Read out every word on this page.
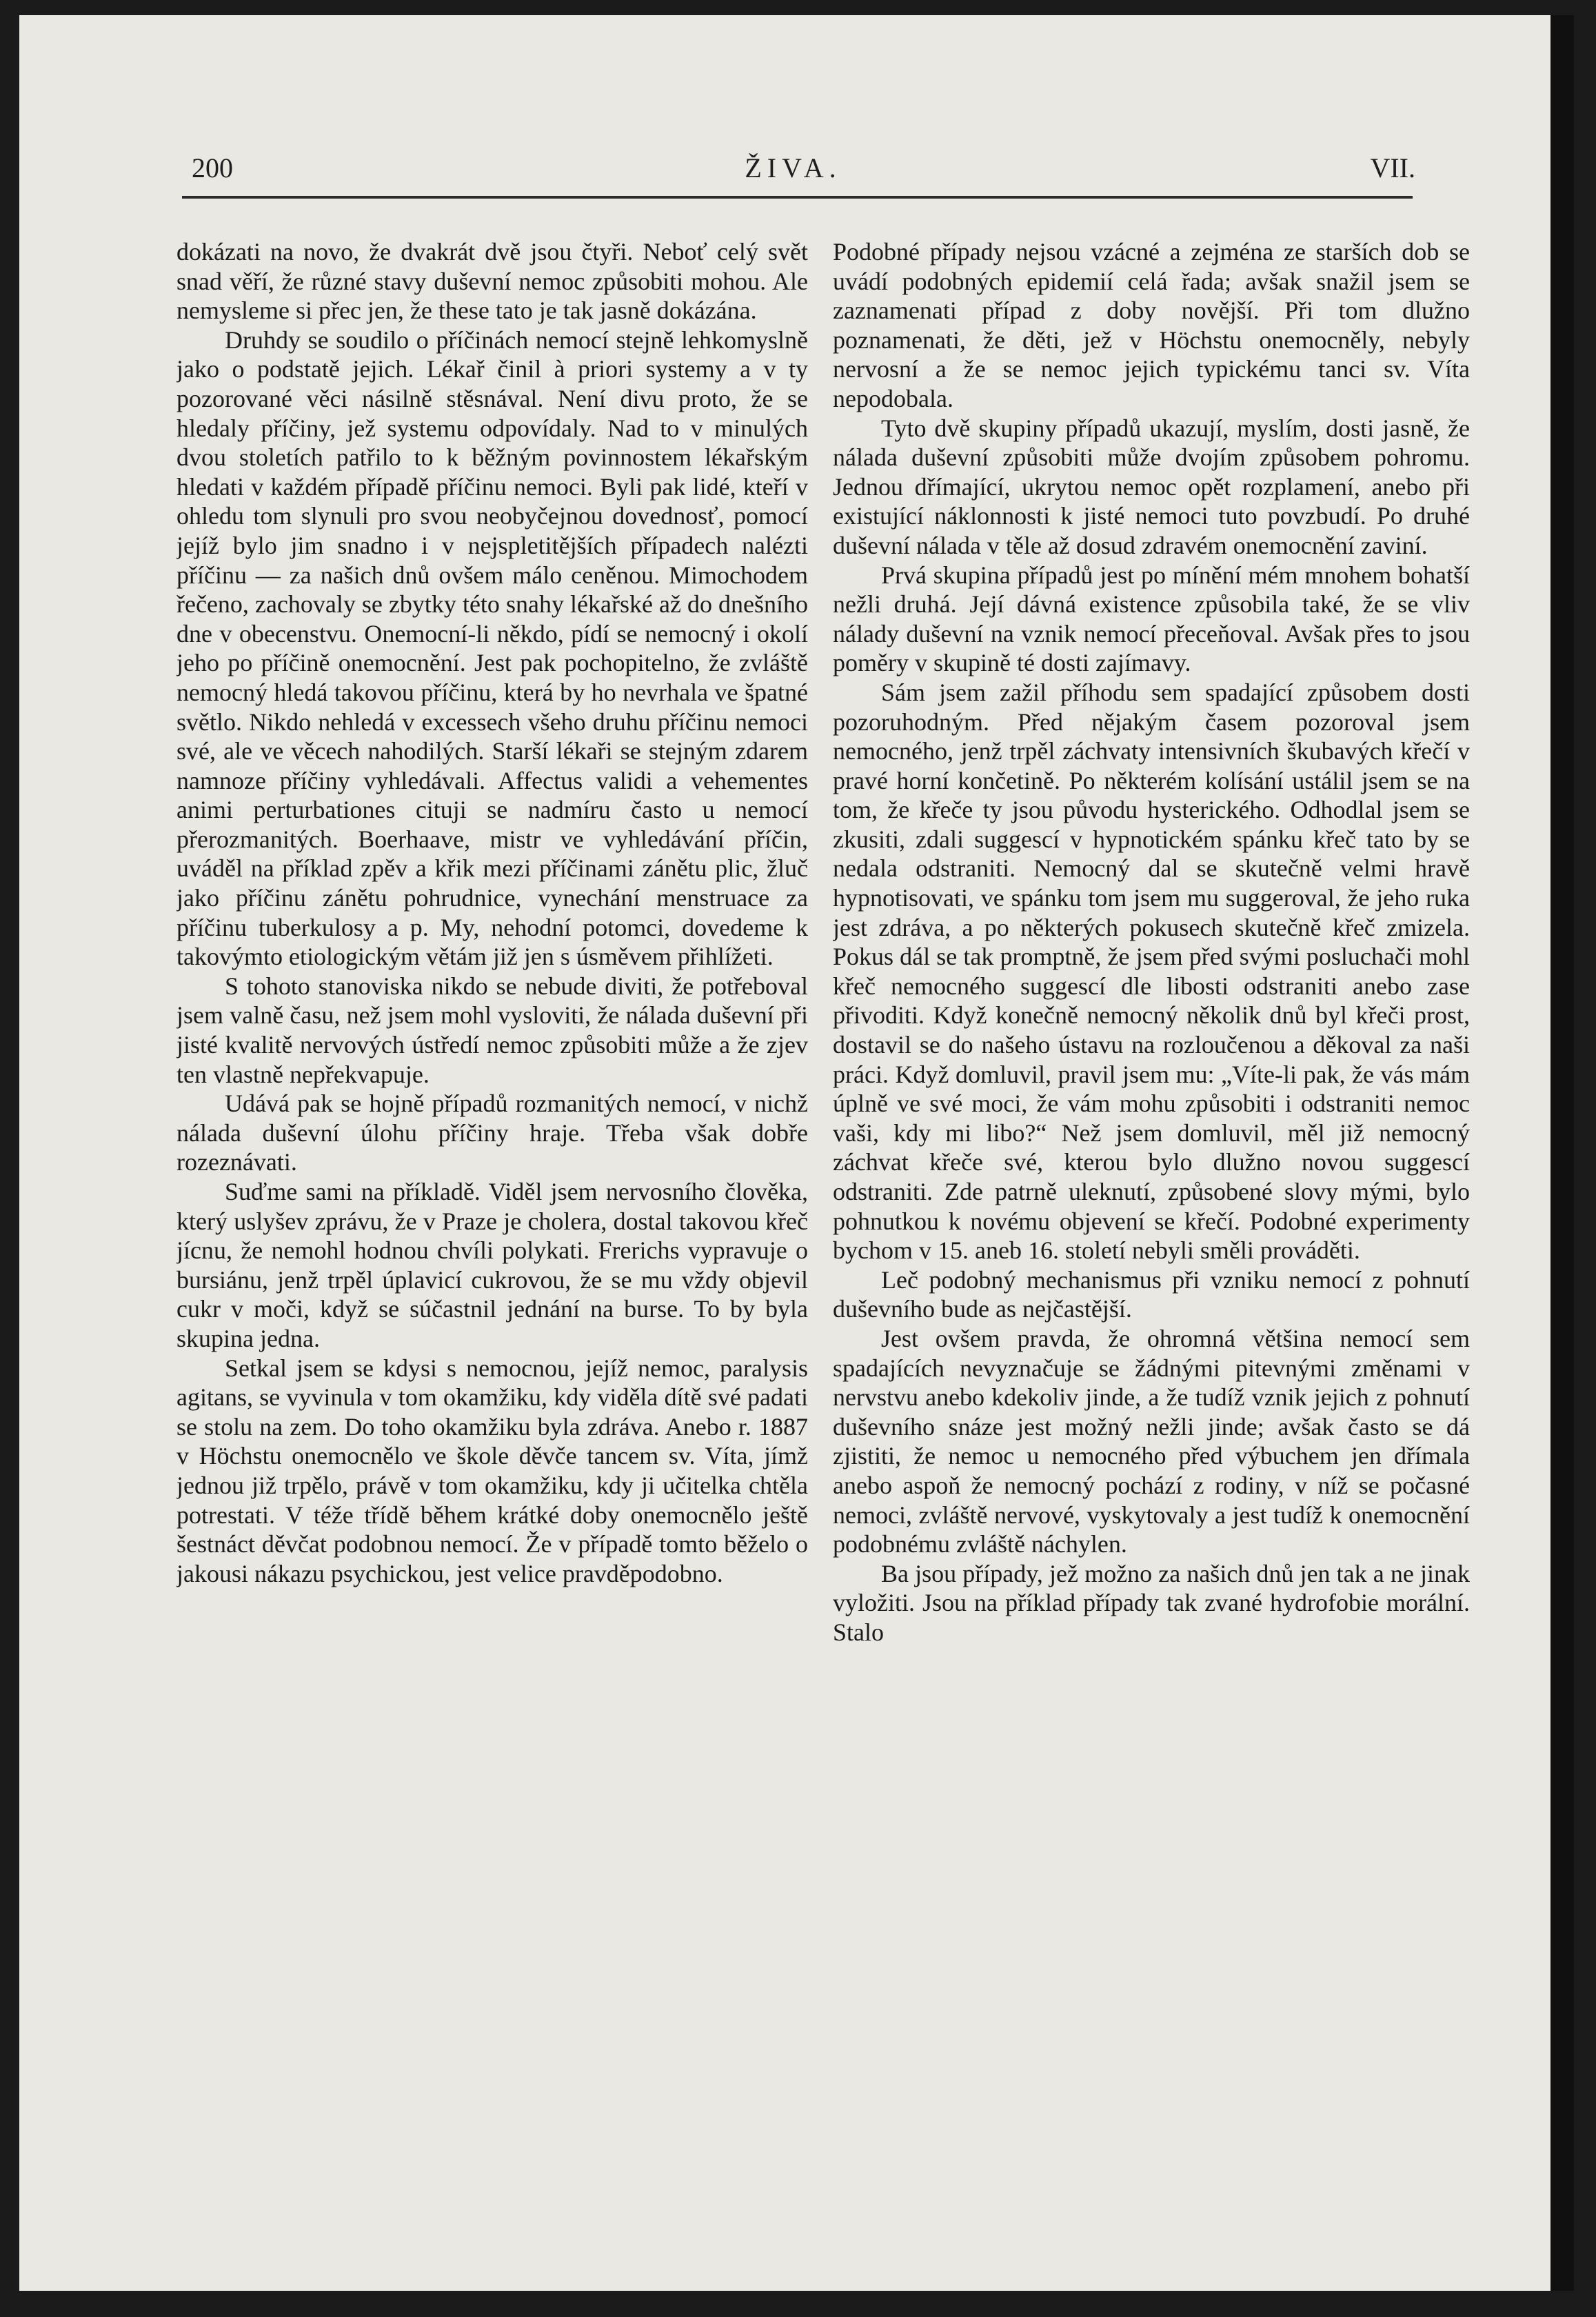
200	ŽIVA.	VII.

dokázati na novo, že dvakrát dvě jsou čtyři. Neboť celý svět snad věří, že různé stavy duševní nemoc způsobiti mohou. Ale nemysleme si přec jen, že these tato je tak jasně dokázána.

Druhdy se soudilo o příčinách nemocí stejně lehkomyslně jako o podstatě jejich. Lékař činil à priori systemy a v ty pozorované věci násilně stěsnával. Není divu proto, že se hledaly příčiny, jež systemu odpovídaly. Nad to v minulých dvou stoletích patřilo to k běžným povinnostem lékařským hledati v každém případě příčinu nemoci. Byli pak lidé, kteří v ohledu tom slynuli pro svou neobyčejnou dovednosť, pomocí jejíž bylo jim snadno i v nejspletitějších případech nalézti příčinu — za našich dnů ovšem málo ceněnou. Mimochodem řečeno, zachovaly se zbytky této snahy lékařské až do dnešního dne v obecenstvu. Onemocní-li někdo, pídí se nemocný i okolí jeho po příčině onemocnění. Jest pak pochopitelno, že zvláště nemocný hledá takovou příčinu, která by ho nevrhala ve špatné světlo. Nikdo nehledá v excessech všeho druhu příčinu nemoci své, ale ve věcech nahodilých. Starší lékaři se stejným zdarem namnoze příčiny vyhledávali. Affectus validi a vehementes animi perturbationes cituji se nadmíru často u nemocí přerozmanitých. Boerhaave, mistr ve vyhledávání příčin, uváděl na příklad zpěv a křik mezi příčinami zánětu plic, žluč jako příčinu zánětu pohrudnice, vynechání menstruace za příčinu tuberkulosy a p. My, nehodní potomci, dovedeme k takovýmto etiologickým větám již jen s úsměvem přihlížeti.

S tohoto stanoviska nikdo se nebude diviti, že potřeboval jsem valně času, než jsem mohl vysloviti, že nálada duševní při jisté kvalitě nervových ústředí nemoc způsobiti může a že zjev ten vlastně nepřekvapuje.

Udává pak se hojně případů rozmanitých nemocí, v nichž nálada duševní úlohu příčiny hraje. Třeba však dobře rozeznávati.

Suďme sami na příkladě. Viděl jsem nervosního člověka, který uslyšev zprávu, že v Praze je cholera, dostal takovou křeč jícnu, že nemohl hodnou chvíli polykati. Frerichs vypravuje o bursiánu, jenž trpěl úplavicí cukrovou, že se mu vždy objevil cukr v moči, když se súčastnil jednání na burse. To by byla skupina jedna.

Setkal jsem se kdysi s nemocnou, jejíž nemoc, paralysis agitans, se vyvinula v tom okamžiku, kdy viděla dítě své padati se stolu na zem. Do toho okamžiku byla zdráva. Anebo r. 1887 v Höchstu onemocnělo ve škole děvče tancem sv. Víta, jímž jednou již trpělo, právě v tom okamžiku, kdy ji učitelka chtěla potrestati. V téže třídě během krátké doby onemocnělo ještě šestnáct děvčat podobnou nemocí. Že v případě tomto běželo o jakousi nákazu psychickou, jest velice pravděpodobno.

Podobné případy nejsou vzácné a zejména ze starších dob se uvádí podobných epidemií celá řada; avšak snažil jsem se zaznamenati případ z doby novější. Při tom dlužno poznamenati, že děti, jež v Höchstu onemocněly, nebyly nervosní a že se nemoc jejich typickému tanci sv. Víta nepodobala.

Tyto dvě skupiny případů ukazují, myslím, dosti jasně, že nálada duševní způsobiti může dvojím způsobem pohromu. Jednou dřímající, ukrytou nemoc opět rozplamení, anebo při existující náklonnosti k jisté nemoci tuto povzbudí. Po druhé duševní nálada v těle až dosud zdravém onemocnění zaviní.

Prvá skupina případů jest po mínění mém mnohem bohatší nežli druhá. Její dávná existence způsobila také, že se vliv nálady duševní na vznik nemocí přeceňoval. Avšak přes to jsou poměry v skupině té dosti zajímavy.

Sám jsem zažil příhodu sem spadající způsobem dosti pozoruhodným. Před nějakým časem pozoroval jsem nemocného, jenž trpěl záchvaty intensivních škubavých křečí v pravé horní končetině. Po některém kolísání ustálil jsem se na tom, že křeče ty jsou původu hysterického. Odhodlal jsem se zkusiti, zdali suggescí v hypnotickém spánku křeč tato by se nedala odstraniti. Nemocný dal se skutečně velmi hravě hypnotisovati, ve spánku tom jsem mu suggeroval, že jeho ruka jest zdráva, a po některých pokusech skutečně křeč zmizela. Pokus dál se tak promptně, že jsem před svými posluchači mohl křeč nemocného suggescí dle libosti odstraniti anebo zase přivoditi. Když konečně nemocný několik dnů byl křeči prost, dostavil se do našeho ústavu na rozloučenou a děkoval za naši práci. Když domluvil, pravil jsem mu: „Víte-li pak, že vás mám úplně ve své moci, že vám mohu způsobiti i odstraniti nemoc vaši, kdy mi libo?“ Než jsem domluvil, měl již nemocný záchvat křeče své, kterou bylo dlužno novou suggescí odstraniti. Zde patrně uleknutí, způsobené slovy mými, bylo pohnutkou k novému objevení se křečí. Podobné experimenty bychom v 15. aneb 16. století nebyli směli prováděti.

Leč podobný mechanismus při vzniku nemocí z pohnutí duševního bude as nejčastější.

Jest ovšem pravda, že ohromná většina nemocí sem spadajících nevyznačuje se žádnými pitevnými změnami v nervstvu anebo kdekoliv jinde, a že tudíž vznik jejich z pohnutí duševního snáze jest možný nežli jinde; avšak často se dá zjistiti, že nemoc u nemocného před výbuchem jen dřímala anebo aspoň že nemocný pochází z rodiny, v níž se počasné nemoci, zvláště nervové, vyskytovaly a jest tudíž k onemocnění podobnému zvláště náchylen.

Ba jsou případy, jež možno za našich dnů jen tak a ne jinak vyložiti. Jsou na příklad případy tak zvané hydrofobie morální. Stalo
